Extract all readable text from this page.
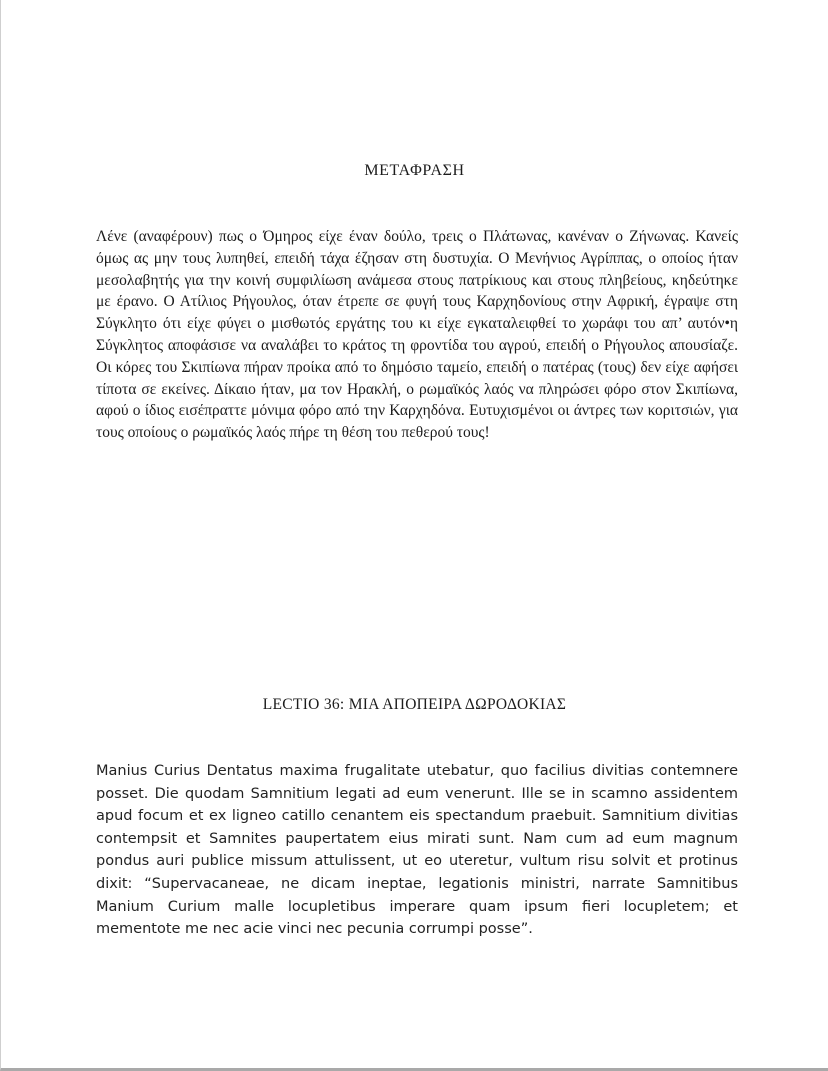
ΜΕΤΑΦΡΑΣΗ
Λένε (αναφέρουν) πως ο Όμηρος είχε έναν δούλο, τρεις ο Πλάτωνας, κανέναν ο Ζήνωνας. Κανείς όμως ας μην τους λυπηθεί, επειδή τάχα έζησαν στη δυστυχία. Ο Μενήνιος Αγρίππας, ο οποίος ήταν μεσολαβητής για την κοινή συμφιλίωση ανάμεσα στους πατρίκιους και στους πληβείους, κηδεύτηκε με έρανο. Ο Ατίλιος Ρήγουλος, όταν έτρεπε σε φυγή τους Καρχηδονίους στην Αφρική, έγραψε στη Σύγκλητο ότι είχε φύγει ο μισθωτός εργάτης του κι είχε εγκαταλειφθεί το χωράφι του απ’ αυτόν•η Σύγκλητος αποφάσισε να αναλάβει το κράτος τη φροντίδα του αγρού, επειδή ο Ρήγουλος απουσίαζε. Οι κόρες του Σκιπίωνα πήραν προίκα από το δημόσιο ταμείο, επειδή ο πατέρας (τους) δεν είχε αφήσει τίποτα σε εκείνες. Δίκαιο ήταν, μα τον Ηρακλή, ο ρωμαϊκός λαός να πληρώσει φόρο στον Σκιπίωνα, αφού ο ίδιος εισέπραττε μόνιμα φόρο από την Καρχηδόνα. Ευτυχισμένοι οι άντρες των κοριτσιών, για τους οποίους ο ρωμαϊκός λαός πήρε τη θέση του πεθερού τους!
LECTIO 36: ΜΙΑ ΑΠΟΠΕΙΡΑ ΔΩΡΟΔΟΚΙΑΣ
Manius Curius Dentatus maxima frugalitate utebatur, quo facilius divitias contemnere posset. Die quodam Samnitium legati ad eum venerunt. Ille se in scamno assidentem apud focum et ex ligneo catillo cenantem eis spectandum praebuit. Samnitium divitias contempsit et Samnites paupertatem eius mirati sunt. Nam cum ad eum magnum pondus auri publice missum attulissent, ut eo uteretur, vultum risu solvit et protinus dixit: “Supervacaneae, ne dicam ineptae, legationis ministri, narrate Samnitibus Manium Curium malle locupletibus imperare quam ipsum fieri locupletem; et mementote me nec acie vinci nec pecunia corrumpi posse”.
